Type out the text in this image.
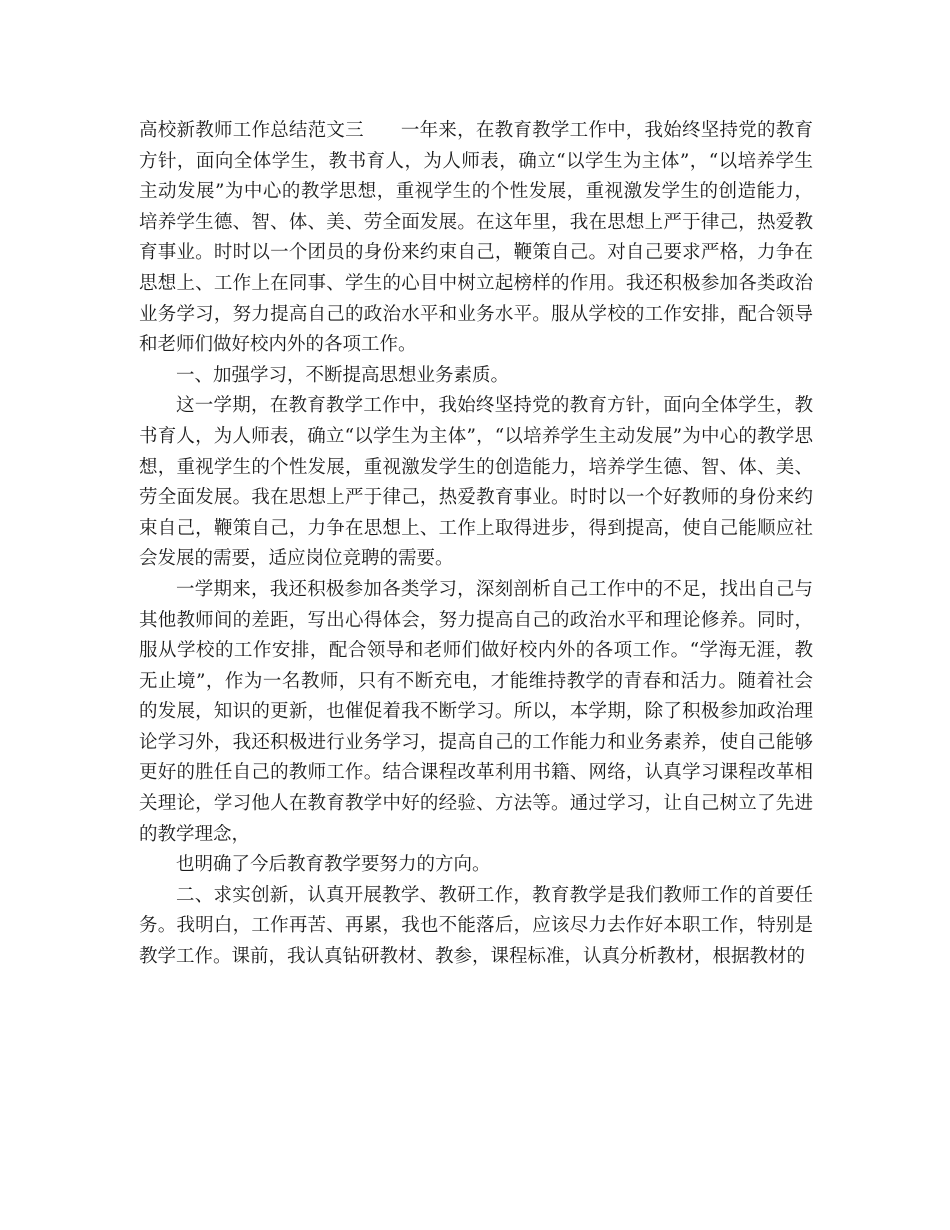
高校新教师工作总结范文三 一年来，在教育教学工作中，我始终坚持党的教育方针，面向全体学生，教书育人，为人师表，确立“以学生为主体”，“以培养学生主动发展”为中心的教学思想，重视学生的个性发展，重视激发学生的创造能力，培养学生德、智、体、美、劳全面发展。在这年里，我在思想上严于律己，热爱教育事业。时时以一个团员的身份来约束自己，鞭策自己。对自己要求严格，力争在思想上、工作上在同事、学生的心目中树立起榜样的作用。我还积极参加各类政治业务学习，努力提高自己的政治水平和业务水平。服从学校的工作安排，配合领导和老师们做好校内外的各项工作。

一、加强学习，不断提高思想业务素质。

这一学期，在教育教学工作中，我始终坚持党的教育方针，面向全体学生，教书育人，为人师表，确立“以学生为主体”，“以培养学生主动发展”为中心的教学思想，重视学生的个性发展，重视激发学生的创造能力，培养学生德、智、体、美、劳全面发展。我在思想上严于律己，热爱教育事业。时时以一个好教师的身份来约束自己，鞭策自己，力争在思想上、工作上取得进步，得到提高，使自己能顺应社会发展的需要，适应岗位竞聘的需要。

一学期来，我还积极参加各类学习，深刻剖析自己工作中的不足，找出自己与其他教师间的差距，写出心得体会，努力提高自己的政治水平和理论修养。同时，服从学校的工作安排，配合领导和老师们做好校内外的各项工作。“学海无涯，教无止境”，作为一名教师，只有不断充电，才能维持教学的青春和活力。随着社会的发展，知识的更新，也催促着我不断学习。所以，本学期，除了积极参加政治理论学习外，我还积极进行业务学习，提高自己的工作能力和业务素养，使自己能够更好的胜任自己的教师工作。结合课程改革利用书籍、网络，认真学习课程改革相关理论，学习他人在教育教学中好的经验、方法等。通过学习，让自己树立了先进的教学理念，

也明确了今后教育教学要努力的方向。

二、求实创新，认真开展教学、教研工作，教育教学是我们教师工作的首要任务。我明白，工作再苦、再累，我也不能落后，应该尽力去作好本职工作，特别是教学工作。课前，我认真钻研教材、教参，课程标准，认真分析教材，根据教材的
